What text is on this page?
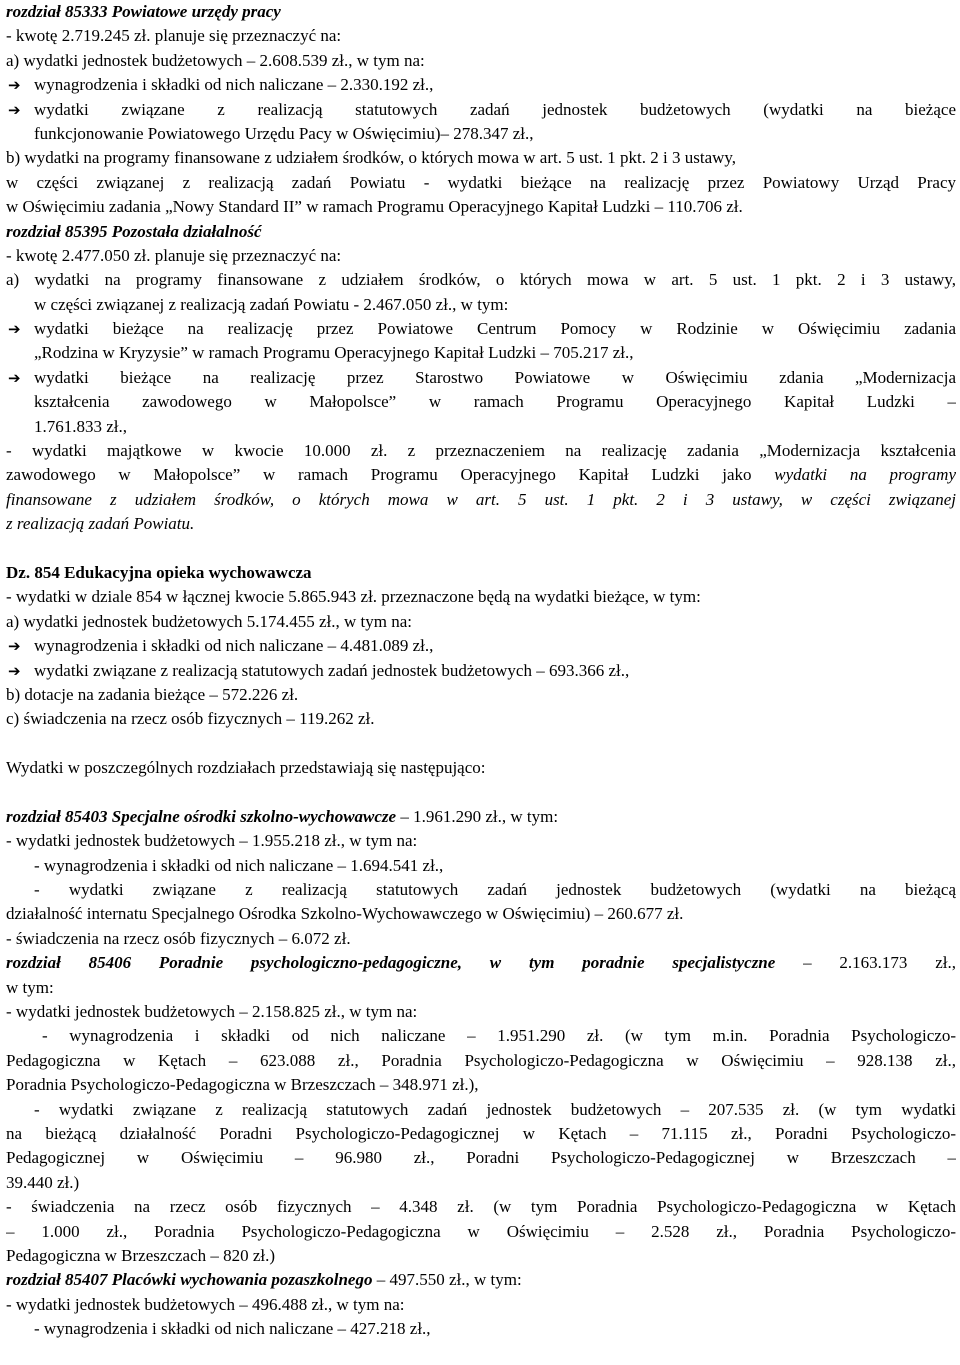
rozdział 85333 Powiatowe urzędy pracy
- kwotę 2.719.245 zł. planuje się przeznaczyć na:
a) wydatki jednostek budżetowych – 2.608.539 zł., w tym na:
➔ wynagrodzenia i składki od nich naliczane – 2.330.192 zł.,
➔ wydatki związane z realizacją statutowych zadań jednostek budżetowych (wydatki na bieżące
funkcjonowanie Powiatowego Urzędu Pacy w Oświęcimiu)– 278.347 zł.,
b) wydatki na programy finansowane z udziałem środków, o których mowa w art. 5 ust. 1 pkt. 2 i 3 ustawy,
w części związanej z realizacją zadań Powiatu - wydatki bieżące na realizację przez Powiatowy Urząd Pracy
w Oświęcimiu zadania „Nowy Standard II” w ramach Programu Operacyjnego Kapitał Ludzki – 110.706 zł.
rozdział 85395 Pozostała działalność
- kwotę 2.477.050 zł. planuje się przeznaczyć na:
a) wydatki na programy finansowane z udziałem środków, o których mowa w art. 5 ust. 1 pkt. 2 i 3 ustawy,
w części związanej z realizacją zadań Powiatu - 2.467.050 zł., w tym:
➔ wydatki bieżące na realizację przez Powiatowe Centrum Pomocy w Rodzinie w Oświęcimiu zadania
„Rodzina w Kryzysie” w ramach Programu Operacyjnego Kapitał Ludzki – 705.217 zł.,
➔ wydatki bieżące na realizację przez Starostwo Powiatowe w Oświęcimiu zdania „Modernizacja
kształcenia zawodowego w Małopolsce” w ramach Programu Operacyjnego Kapitał Ludzki –
1.761.833 zł.,
- wydatki majątkowe w kwocie 10.000 zł. z przeznaczeniem na realizację zadania „Modernizacja kształcenia
zawodowego w Małopolsce” w ramach Programu Operacyjnego Kapitał Ludzki jako wydatki na programy
finansowane z udziałem środków, o których mowa w art. 5 ust. 1 pkt. 2 i 3 ustawy, w części związanej
z realizacją zadań Powiatu.
Dz. 854 Edukacyjna opieka wychowawcza
- wydatki w dziale 854 w łącznej kwocie 5.865.943 zł. przeznaczone będą na wydatki bieżące, w tym:
a) wydatki jednostek budżetowych 5.174.455 zł., w tym na:
➔ wynagrodzenia i składki od nich naliczane – 4.481.089 zł.,
➔ wydatki związane z realizacją statutowych zadań jednostek budżetowych – 693.366 zł.,
b) dotacje na zadania bieżące – 572.226 zł.
c) świadczenia na rzecz osób fizycznych – 119.262 zł.
Wydatki w poszczególnych rozdziałach przedstawiają się następująco:
rozdział 85403 Specjalne ośrodki szkolno-wychowawcze – 1.961.290 zł., w tym:
- wydatki jednostek budżetowych – 1.955.218 zł., w tym na:
- wynagrodzenia i składki od nich naliczane – 1.694.541 zł.,
- wydatki związane z realizacją statutowych zadań jednostek budżetowych (wydatki na bieżącą
działalność internatu Specjalnego Ośrodka Szkolno-Wychowawczego w Oświęcimiu) – 260.677 zł.
- świadczenia na rzecz osób fizycznych – 6.072 zł.
rozdział 85406 Poradnie psychologiczno-pedagogiczne, w tym poradnie specjalistyczne – 2.163.173 zł.,
w tym:
- wydatki jednostek budżetowych – 2.158.825 zł., w tym na:
- wynagrodzenia i składki od nich naliczane – 1.951.290 zł. (w tym m.in. Poradnia Psychologiczo-
Pedagogiczna w Kętach – 623.088 zł., Poradnia Psychologiczo-Pedagogiczna w Oświęcimiu – 928.138 zł.,
Poradnia Psychologiczo-Pedagogiczna w Brzeszczach – 348.971 zł.),
- wydatki związane z realizacją statutowych zadań jednostek budżetowych – 207.535 zł. (w tym wydatki
na bieżącą działalność Poradni Psychologiczo-Pedagogicznej w Kętach – 71.115 zł., Poradni Psychologiczo-
Pedagogicznej w Oświęcimiu – 96.980 zł., Poradni Psychologiczo-Pedagogicznej w Brzeszczach –
39.440 zł.)
- świadczenia na rzecz osób fizycznych – 4.348 zł. (w tym Poradnia Psychologiczo-Pedagogiczna w Kętach
– 1.000 zł., Poradnia Psychologiczo-Pedagogiczna w Oświęcimiu – 2.528 zł., Poradnia Psychologiczo-
Pedagogiczna w Brzeszczach – 820 zł.)
rozdział 85407 Placówki wychowania pozaszkolnego – 497.550 zł., w tym:
- wydatki jednostek budżetowych – 496.488 zł., w tym na:
- wynagrodzenia i składki od nich naliczane – 427.218 zł.,
